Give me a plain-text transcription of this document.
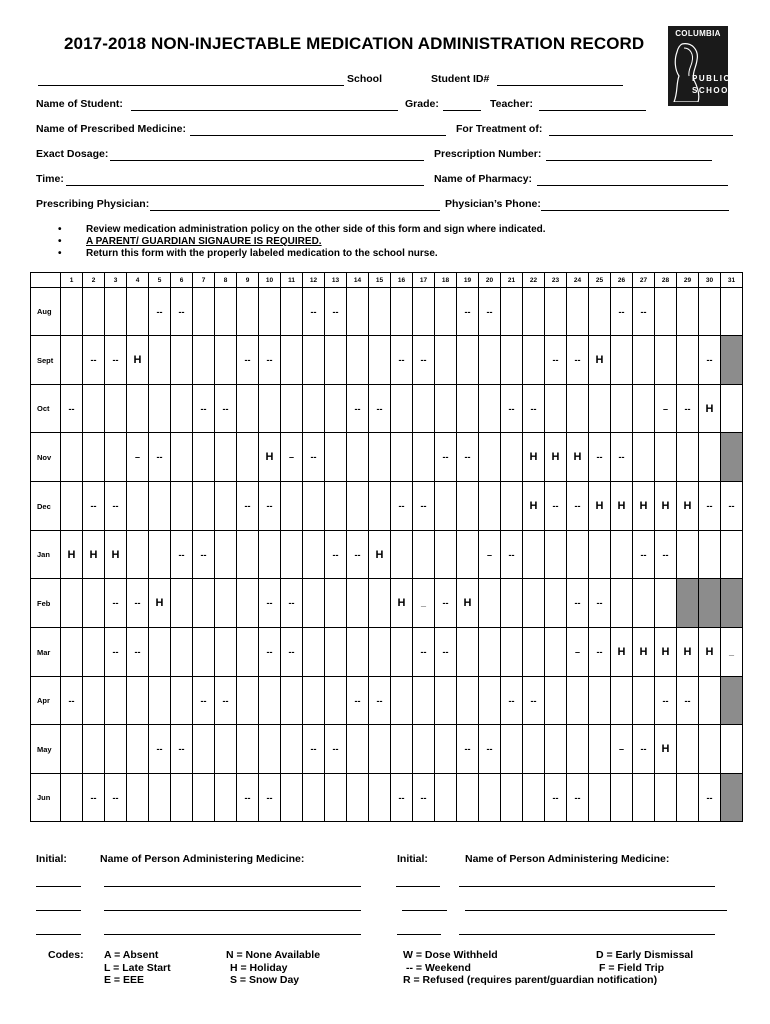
2017-2018 NON-INJECTABLE MEDICATION ADMINISTRATION RECORD
COLUMBIA
PUBLIC
SCHOOLS
School	Student ID#
Name of Student:	Grade:	Teacher:
Name of Prescribed Medicine:	For Treatment of:
Exact Dosage:	Prescription Number:
Time:	Name of Pharmacy:
Prescribing Physician:	Physician’s Phone:
• Review medication administration policy on the other side of this form and sign where indicated.
• A PARENT/ GUARDIAN SIGNAURE IS REQUIRED.
• Return this form with the properly labeled medication to the school nurse.
	1	2	3	4	5	6	7	8	9	10	11	12	13	14	15	16	17	18	19	20	21	22	23	24	25	26	27	28	29	30	31
Aug					--	--						--	--						--	--						--	--				
Sept		--	--	H					--	--						--	--						--	--	H					--	
Oct	--						--	--						--	--						--	--						–	--	H	
Nov				–	--					H	–	--						--	--			H	H	H	--	--					
Dec		--	--						--	--						--	--					H	--	--	H	H	H	H	H	--	--
Jan	H	H	H			--	--						--	--	H					–	--						--	--			
Feb			--	--	H					--	--					H	_	--	H					--	--						
Mar			--	--						--	--						--	--						–	--	H	H	H	H	H	_
Apr	--						--	--						--	--						--	--						--	--		
May					--	--						--	--						--	--						–	--	H			
Jun		--	--						--	--						--	--						--	--						--	
Initial:	Name of Person Administering Medicine:	Initial:	Name of Person Administering Medicine:
Codes: A = Absent
L = Late Start
E = EEE
N = None Available
H = Holiday
S = Snow Day
W = Dose Withheld
-- = Weekend
R = Refused (requires parent/guardian notification)
D = Early Dismissal
F = Field Trip
